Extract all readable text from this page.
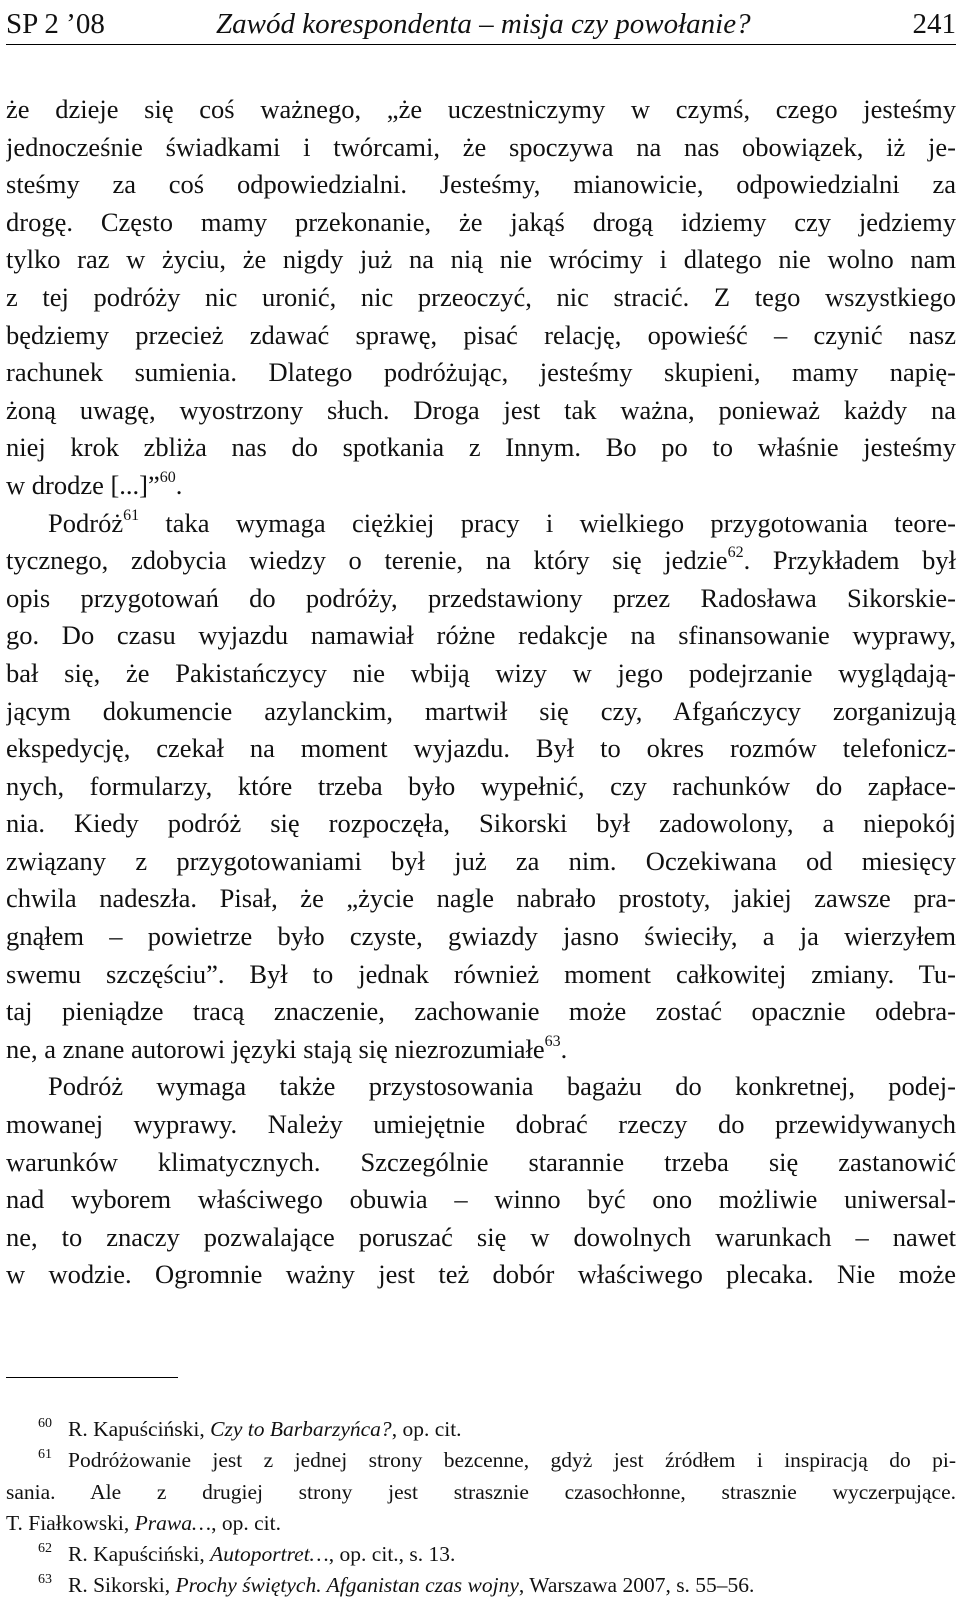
SP 2 ’08	Zawód korespondenta – misja czy powołanie?	241
że dzieje się coś ważnego, „że uczestniczymy w czymś, czego jesteśmy
jednocześnie świadkami i twórcami, że spoczywa na nas obowiązek, iż je-
steśmy za coś odpowiedzialni. Jesteśmy, mianowicie, odpowiedzialni za
drogę. Często mamy przekonanie, że jakąś drogą idziemy czy jedziemy
tylko raz w życiu, że nigdy już na nią nie wrócimy i dlatego nie wolno nam
z tej podróży nic uronić, nic przeoczyć, nic stracić. Z tego wszystkiego
będziemy przecież zdawać sprawę, pisać relację, opowieść – czynić nasz
rachunek sumienia. Dlatego podróżując, jesteśmy skupieni, mamy napię-
żoną uwagę, wyostrzony słuch. Droga jest tak ważna, ponieważ każdy na
niej krok zbliża nas do spotkania z Innym. Bo po to właśnie jesteśmy
w drodze [...]”$^{60}$.
Podróż$^{61}$ taka wymaga ciężkiej pracy i wielkiego przygotowania teore-
tycznego, zdobycia wiedzy o terenie, na który się jedzie$^{62}$. Przykładem był
opis przygotowań do podróży, przedstawiony przez Radosława Sikorskie-
go. Do czasu wyjazdu namawiał różne redakcje na sfinansowanie wyprawy,
bał się, że Pakistańczycy nie wbiją wizy w jego podejrzanie wyglądają-
jącym dokumencie azylanckim, martwił się czy, Afgańczycy zorganizują
ekspedycję, czekał na moment wyjazdu. Był to okres rozmów telefonicz-
nych, formularzy, które trzeba było wypełnić, czy rachunków do zapłace-
nia. Kiedy podróż się rozpoczęła, Sikorski był zadowolony, a niepokój
związany z przygotowaniami był już za nim. Oczekiwana od miesięcy
chwila nadeszła. Pisał, że „życie nagle nabrało prostoty, jakiej zawsze pra-
gnąłem – powietrze było czyste, gwiazdy jasno świeciły, a ja wierzyłem
swemu szczęściu”. Był to jednak również moment całkowitej zmiany. Tu-
taj pieniądze tracą znaczenie, zachowanie może zostać opacznie odebra-
ne, a znane autorowi języki stają się niezrozumiałe$^{63}$.
Podróż wymaga także przystosowania bagażu do konkretnej, podej-
mowanej wyprawy. Należy umiejętnie dobrać rzeczy do przewidywanych
warunków klimatycznych. Szczególnie starannie trzeba się zastanowić
nad wyborem właściwego obuwia – winno być ono możliwie uniwersal-
ne, to znaczy pozwalające poruszać się w dowolnych warunkach – nawet
w wodzie. Ogromnie ważny jest też dobór właściwego plecaka. Nie może
$^{60}$ R. Kapuściński, Czy to Barbarzyńca?, op. cit.
$^{61}$ Podróżowanie jest z jednej strony bezcenne, gdyż jest źródłem i inspiracją do pi-
sania. Ale z drugiej strony jest strasznie czasochłonne, strasznie wyczerpujące.
T. Fiałkowski, Prawa…, op. cit.
$^{62}$ R. Kapuściński, Autoportret…, op. cit., s. 13.
$^{63}$ R. Sikorski, Prochy świętych. Afganistan czas wojny, Warszawa 2007, s. 55–56.
